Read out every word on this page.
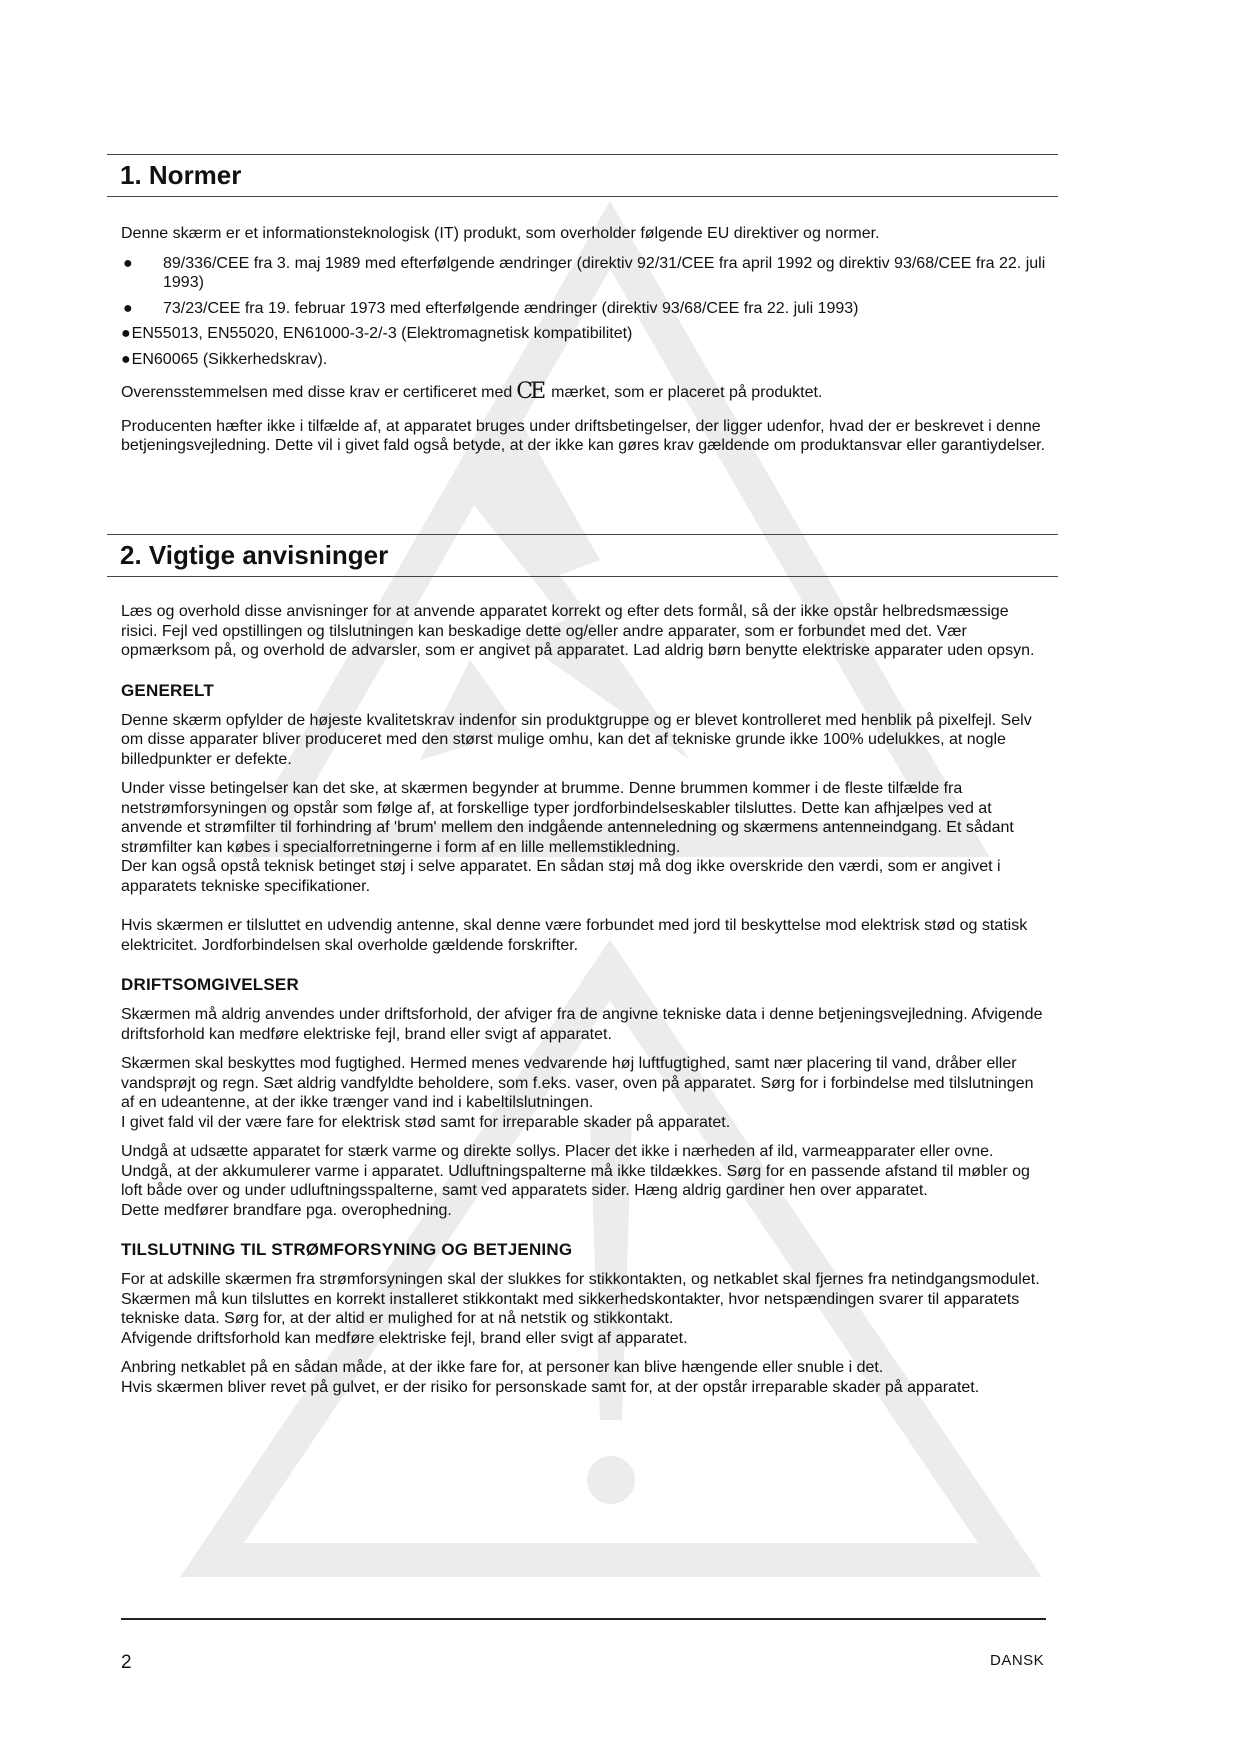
1. Normer

Denne skærm er et informationsteknologisk (IT) produkt, som overholder følgende EU direktiver og normer.

● 89/336/CEE fra 3. maj 1989 med efterfølgende ændringer (direktiv 92/31/CEE fra april 1992 og direktiv 93/68/CEE fra 22. juli 1993)
● 73/23/CEE fra 19. februar 1973 med efterfølgende ændringer (direktiv 93/68/CEE fra 22. juli 1993)
●EN55013, EN55020, EN61000-3-2/-3 (Elektromagnetisk kompatibilitet)
●EN60065 (Sikkerhedskrav).

Overensstemmelsen med disse krav er certificeret med CE mærket, som er placeret på produktet.

Producenten hæfter ikke i tilfælde af, at apparatet bruges under driftsbetingelser, der ligger udenfor, hvad der er beskrevet i denne betjeningsvejledning. Dette vil i givet fald også betyde, at der ikke kan gøres krav gældende om produktansvar eller garantiydelser.

2. Vigtige anvisninger

Læs og overhold disse anvisninger for at anvende apparatet korrekt og efter dets formål, så der ikke opstår helbredsmæssige risici. Fejl ved opstillingen og tilslutningen kan beskadige dette og/eller andre apparater, som er forbundet med det. Vær opmærksom på, og overhold de advarsler, som er angivet på apparatet. Lad aldrig børn benytte elektriske apparater uden opsyn.

GENERELT

Denne skærm opfylder de højeste kvalitetskrav indenfor sin produktgruppe og er blevet kontrolleret med henblik på pixelfejl. Selv om disse apparater bliver produceret med den størst mulige omhu, kan det af tekniske grunde ikke 100% udelukkes, at nogle billedpunkter er defekte.

Under visse betingelser kan det ske, at skærmen begynder at brumme. Denne brummen kommer i de fleste tilfælde fra netstrømforsyningen og opstår som følge af, at forskellige typer jordforbindelseskabler tilsluttes. Dette kan afhjælpes ved at anvende et strømfilter til forhindring af 'brum' mellem den indgående antenneledning og skærmens antenneindgang. Et sådant strømfilter kan købes i specialforretningerne i form af en lille mellemstikledning.

Der kan også opstå teknisk betinget støj i selve apparatet. En sådan støj må dog ikke overskride den værdi, som er angivet i apparatets tekniske specifikationer.

Hvis skærmen er tilsluttet en udvendig antenne, skal denne være forbundet med jord til beskyttelse mod elektrisk stød og statisk elektricitet. Jordforbindelsen skal overholde gældende forskrifter.

DRIFTSOMGIVELSER

Skærmen må aldrig anvendes under driftsforhold, der afviger fra de angivne tekniske data i denne betjeningsvejledning. Afvigende driftsforhold kan medføre elektriske fejl, brand eller svigt af apparatet.

Skærmen skal beskyttes mod fugtighed. Hermed menes vedvarende høj luftfugtighed, samt nær placering til vand, dråber eller vandsprøjt og regn. Sæt aldrig vandfyldte beholdere, som f.eks. vaser, oven på apparatet. Sørg for i forbindelse med tilslutningen af en udeantenne, at der ikke trænger vand ind i kabeltilslutningen.

I givet fald vil der være fare for elektrisk stød samt for irreparable skader på apparatet.

Undgå at udsætte apparatet for stærk varme og direkte sollys. Placer det ikke i nærheden af ild, varmeapparater eller ovne. Undgå, at der akkumulerer varme i apparatet. Udluftningspalterne må ikke tildækkes. Sørg for en passende afstand til møbler og loft både over og under udluftningsspalterne, samt ved apparatets sider. Hæng aldrig gardiner hen over apparatet.

Dette medfører brandfare pga. overophedning.

TILSLUTNING TIL STRØMFORSYNING OG BETJENING

For at adskille skærmen fra strømforsyningen skal der slukkes for stikkontakten, og netkablet skal fjernes fra netindgangsmodulet. Skærmen må kun tilsluttes en korrekt installeret stikkontakt med sikkerhedskontakter, hvor netspændingen svarer til apparatets tekniske data. Sørg for, at der altid er mulighed for at nå netstik og stikkontakt.

Afvigende driftsforhold kan medføre elektriske fejl, brand eller svigt af apparatet.

Anbring netkablet på en sådan måde, at der ikke fare for, at personer kan blive hængende eller snuble i det.

Hvis skærmen bliver revet på gulvet, er der risiko for personskade samt for, at der opstår irreparable skader på apparatet.

2	DANSK
